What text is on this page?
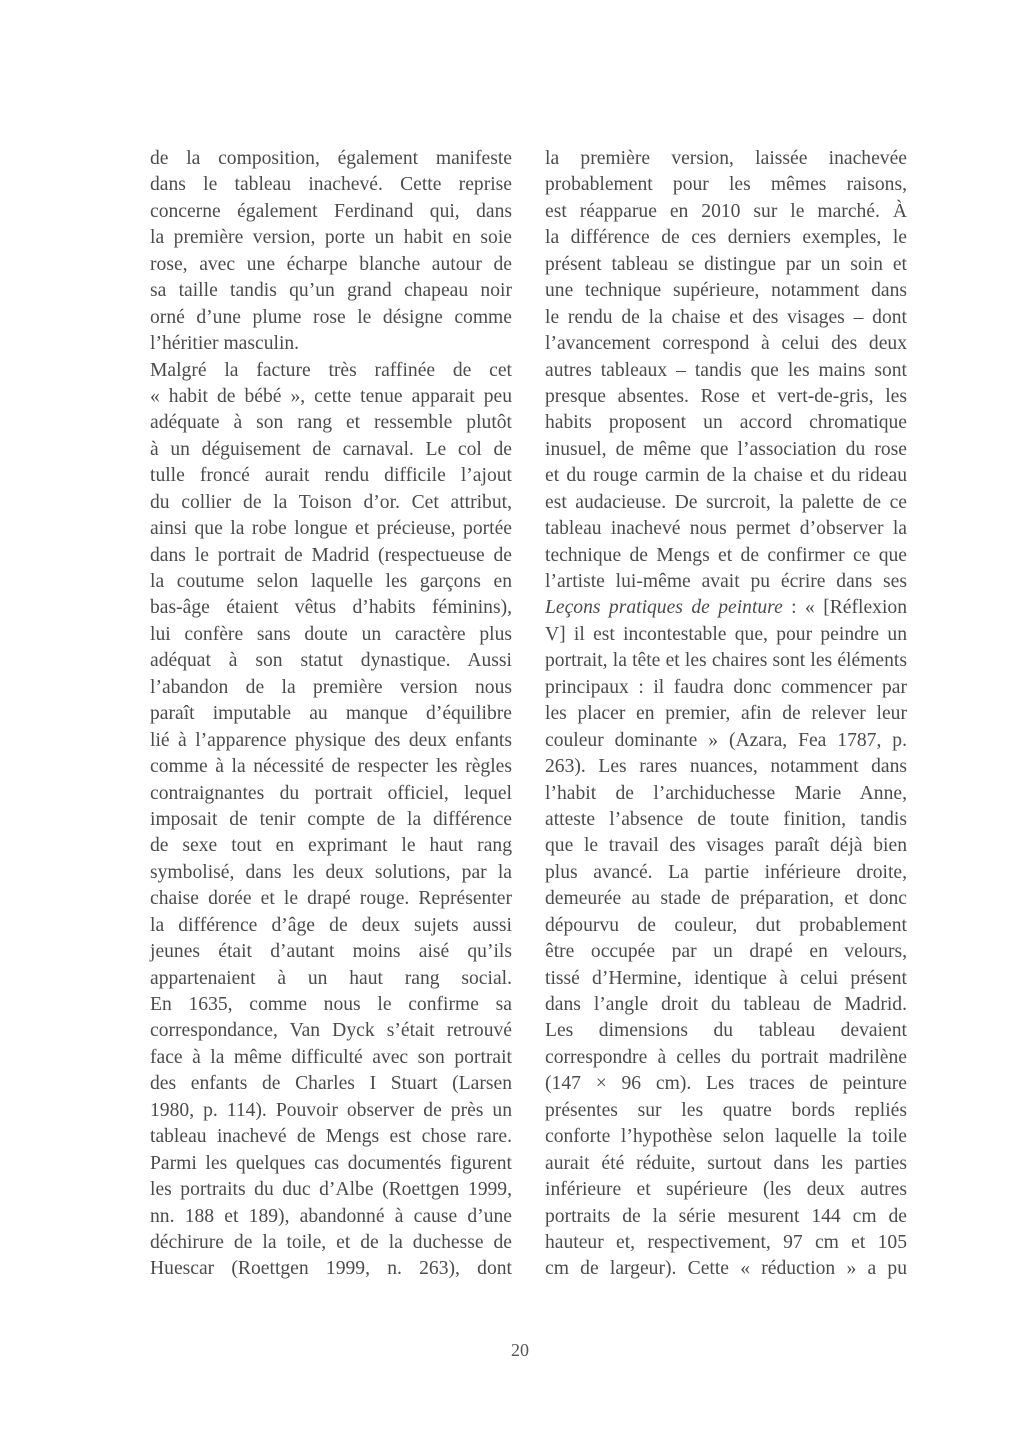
de la composition, également manifeste
dans le tableau inachevé. Cette reprise
concerne également Ferdinand qui, dans
la première version, porte un habit en soie
rose, avec une écharpe blanche autour de
sa taille tandis qu’un grand chapeau noir
orné d’une plume rose le désigne comme
l’héritier masculin.
Malgré la facture très raffinée de cet
« habit de bébé », cette tenue apparait peu
adéquate à son rang et ressemble plutôt
à un déguisement de carnaval. Le col de
tulle froncé aurait rendu difficile l’ajout
du collier de la Toison d’or. Cet attribut,
ainsi que la robe longue et précieuse, portée
dans le portrait de Madrid (respectueuse de
la coutume selon laquelle les garçons en
bas-âge étaient vêtus d’habits féminins),
lui confère sans doute un caractère plus
adéquat à son statut dynastique. Aussi
l’abandon de la première version nous
paraît imputable au manque d’équilibre
lié à l’apparence physique des deux enfants
comme à la nécessité de respecter les règles
contraignantes du portrait officiel, lequel
imposait de tenir compte de la différence
de sexe tout en exprimant le haut rang
symbolisé, dans les deux solutions, par la
chaise dorée et le drapé rouge. Représenter
la différence d’âge de deux sujets aussi
jeunes était d’autant moins aisé qu’ils
appartenaient à un haut rang social.
En 1635, comme nous le confirme sa
correspondance, Van Dyck s’était retrouvé
face à la même difficulté avec son portrait
des enfants de Charles I Stuart (Larsen
1980, p. 114). Pouvoir observer de près un
tableau inachevé de Mengs est chose rare.
Parmi les quelques cas documentés figurent
les portraits du duc d’Albe (Roettgen 1999,
nn. 188 et 189), abandonné à cause d’une
déchirure de la toile, et de la duchesse de
Huescar (Roettgen 1999, n. 263), dont
la première version, laissée inachevée
probablement pour les mêmes raisons,
est réapparue en 2010 sur le marché. À
la différence de ces derniers exemples, le
présent tableau se distingue par un soin et
une technique supérieure, notamment dans
le rendu de la chaise et des visages – dont
l’avancement correspond à celui des deux
autres tableaux – tandis que les mains sont
presque absentes. Rose et vert-de-gris, les
habits proposent un accord chromatique
inusuel, de même que l’association du rose
et du rouge carmin de la chaise et du rideau
est audacieuse. De surcroit, la palette de ce
tableau inachevé nous permet d’observer la
technique de Mengs et de confirmer ce que
l’artiste lui-même avait pu écrire dans ses
Leçons pratiques de peinture : « [Réflexion
V] il est incontestable que, pour peindre un
portrait, la tête et les chaires sont les éléments
principaux : il faudra donc commencer par
les placer en premier, afin de relever leur
couleur dominante » (Azara, Fea 1787, p.
263). Les rares nuances, notamment dans
l’habit de l’archiduchesse Marie Anne,
atteste l’absence de toute finition, tandis
que le travail des visages paraît déjà bien
plus avancé. La partie inférieure droite,
demeurée au stade de préparation, et donc
dépourvu de couleur, dut probablement
être occupée par un drapé en velours,
tissé d’Hermine, identique à celui présent
dans l’angle droit du tableau de Madrid.
Les dimensions du tableau devaient
correspondre à celles du portrait madrilène
(147 × 96 cm). Les traces de peinture
présentes sur les quatre bords repliés
conforte l’hypothèse selon laquelle la toile
aurait été réduite, surtout dans les parties
inférieure et supérieure (les deux autres
portraits de la série mesurent 144 cm de
hauteur et, respectivement, 97 cm et 105
cm de largeur). Cette « réduction » a pu
20
